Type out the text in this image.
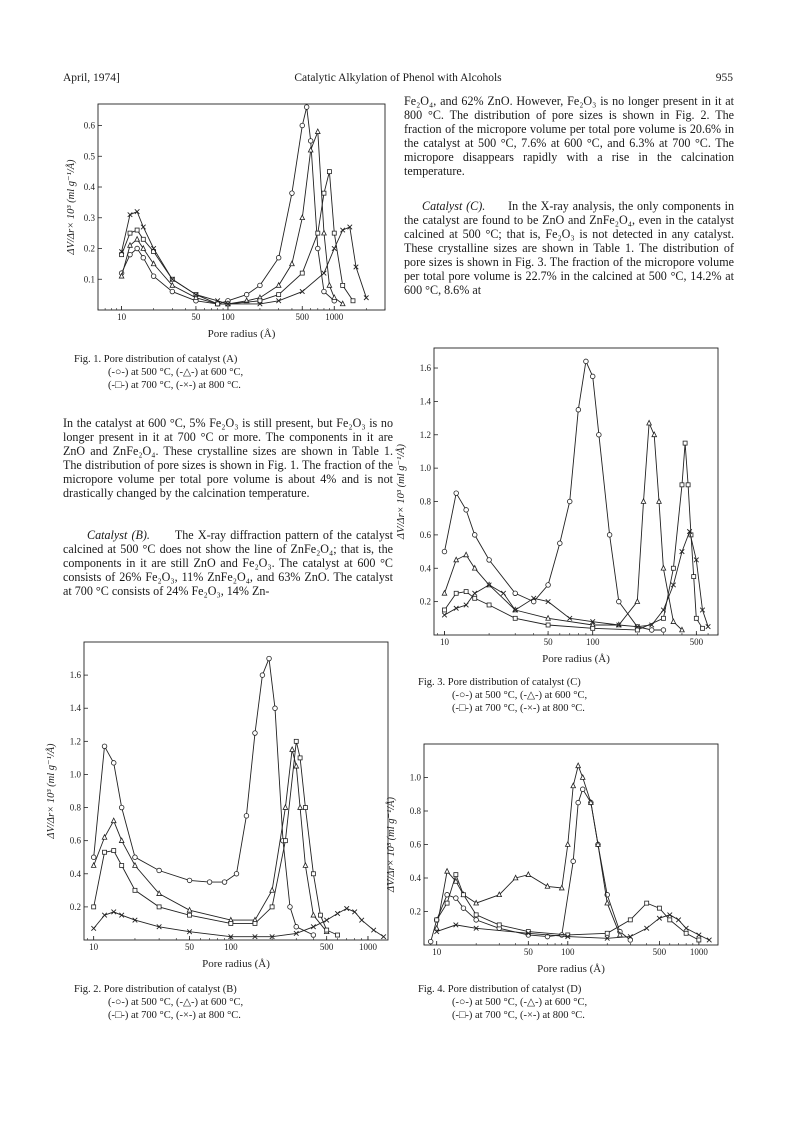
April, 1974]	Catalytic Alkylation of Phenol with Alcohols	955
10	50 100	500 1000
0.1
0.2
0.3
0.4
0.5
0.6
ΔV/Δr× 10³ (ml g⁻¹/Å)
Pore radius (Å)
Fig. 1. Pore distribution of catalyst (A)
(-○-) at 500 °C, (-△-) at 600 °C,
(-□-) at 700 °C, (-×-) at 800 °C.

In the catalyst at 600 °C, 5% Fe₂O₃ is still present, but Fe₂O₃ is no longer present in it at 700 °C or more. The components in it are ZnO and ZnFe₂O₄. These crystalline sizes are shown in Table 1. The distribution of pore sizes is shown in Fig. 1. The fraction of the micropore volume per total pore volume is about 4% and is not drastically changed by the calcination temperature.

Catalyst (B). The X-ray diffraction pattern of the catalyst calcined at 500 °C does not show the line of ZnFe₂O₄; that is, the components in it are still ZnO and Fe₂O₃. The catalyst at 600 °C consists of 26% Fe₂O₃, 11% ZnFe₂O₄, and 63% ZnO. The catalyst at 700 °C consists of 24% Fe₂O₃, 14% Zn-

10	50	100	500	1000
0.2
0.4
0.6
0.8
1.0
1.2
1.4
1.6
ΔV/Δr× 10³ (ml g⁻¹/Å)
Pore radius (Å)
Fig. 2. Pore distribution of catalyst (B)
(-○-) at 500 °C, (-△-) at 600 °C,
(-□-) at 700 °C, (-×-) at 800 °C.

Fe₂O₄, and 62% ZnO. However, Fe₂O₃ is no longer present in it at 800 °C. The distribution of pore sizes is shown in Fig. 2. The fraction of the micropore volume per total pore volume is 20.6% in the catalyst at 500 °C, 7.6% at 600 °C, and 6.3% at 700 °C. The micropore disappears rapidly with a rise in the calcination temperature.

Catalyst (C). In the X-ray analysis, the only components in the catalyst are found to be ZnO and ZnFe₂O₄, even in the catalyst calcined at 500 °C; that is, Fe₂O₃ is not detected in any catalyst. These crystalline sizes are shown in Table 1. The distribution of pore sizes is shown in Fig. 3. The fraction of the micropore volume per total pore volume is 22.7% in the calcined at 500 °C, 14.2% at 600 °C, 8.6% at

10	50	100	500
0.2
0.4
0.6
0.8
1.0
1.2
1.4
1.6
ΔV/Δr× 10³ (ml g⁻¹/Å)
Pore radius (Å)
Fig. 3. Pore distribution of catalyst (C)
(-○-) at 500 °C, (-△-) at 600 °C,
(-□-) at 700 °C, (-×-) at 800 °C.
10	50	100	500	1000
0.2
0.4
0.6
0.8
1.0
ΔV/Δr× 10³ (ml g⁻¹/Å)
Pore radius (Å)
Fig. 4. Pore distribution of catalyst (D)
(-○-) at 500 °C, (-△-) at 600 °C,
(-□-) at 700 °C, (-×-) at 800 °C.
